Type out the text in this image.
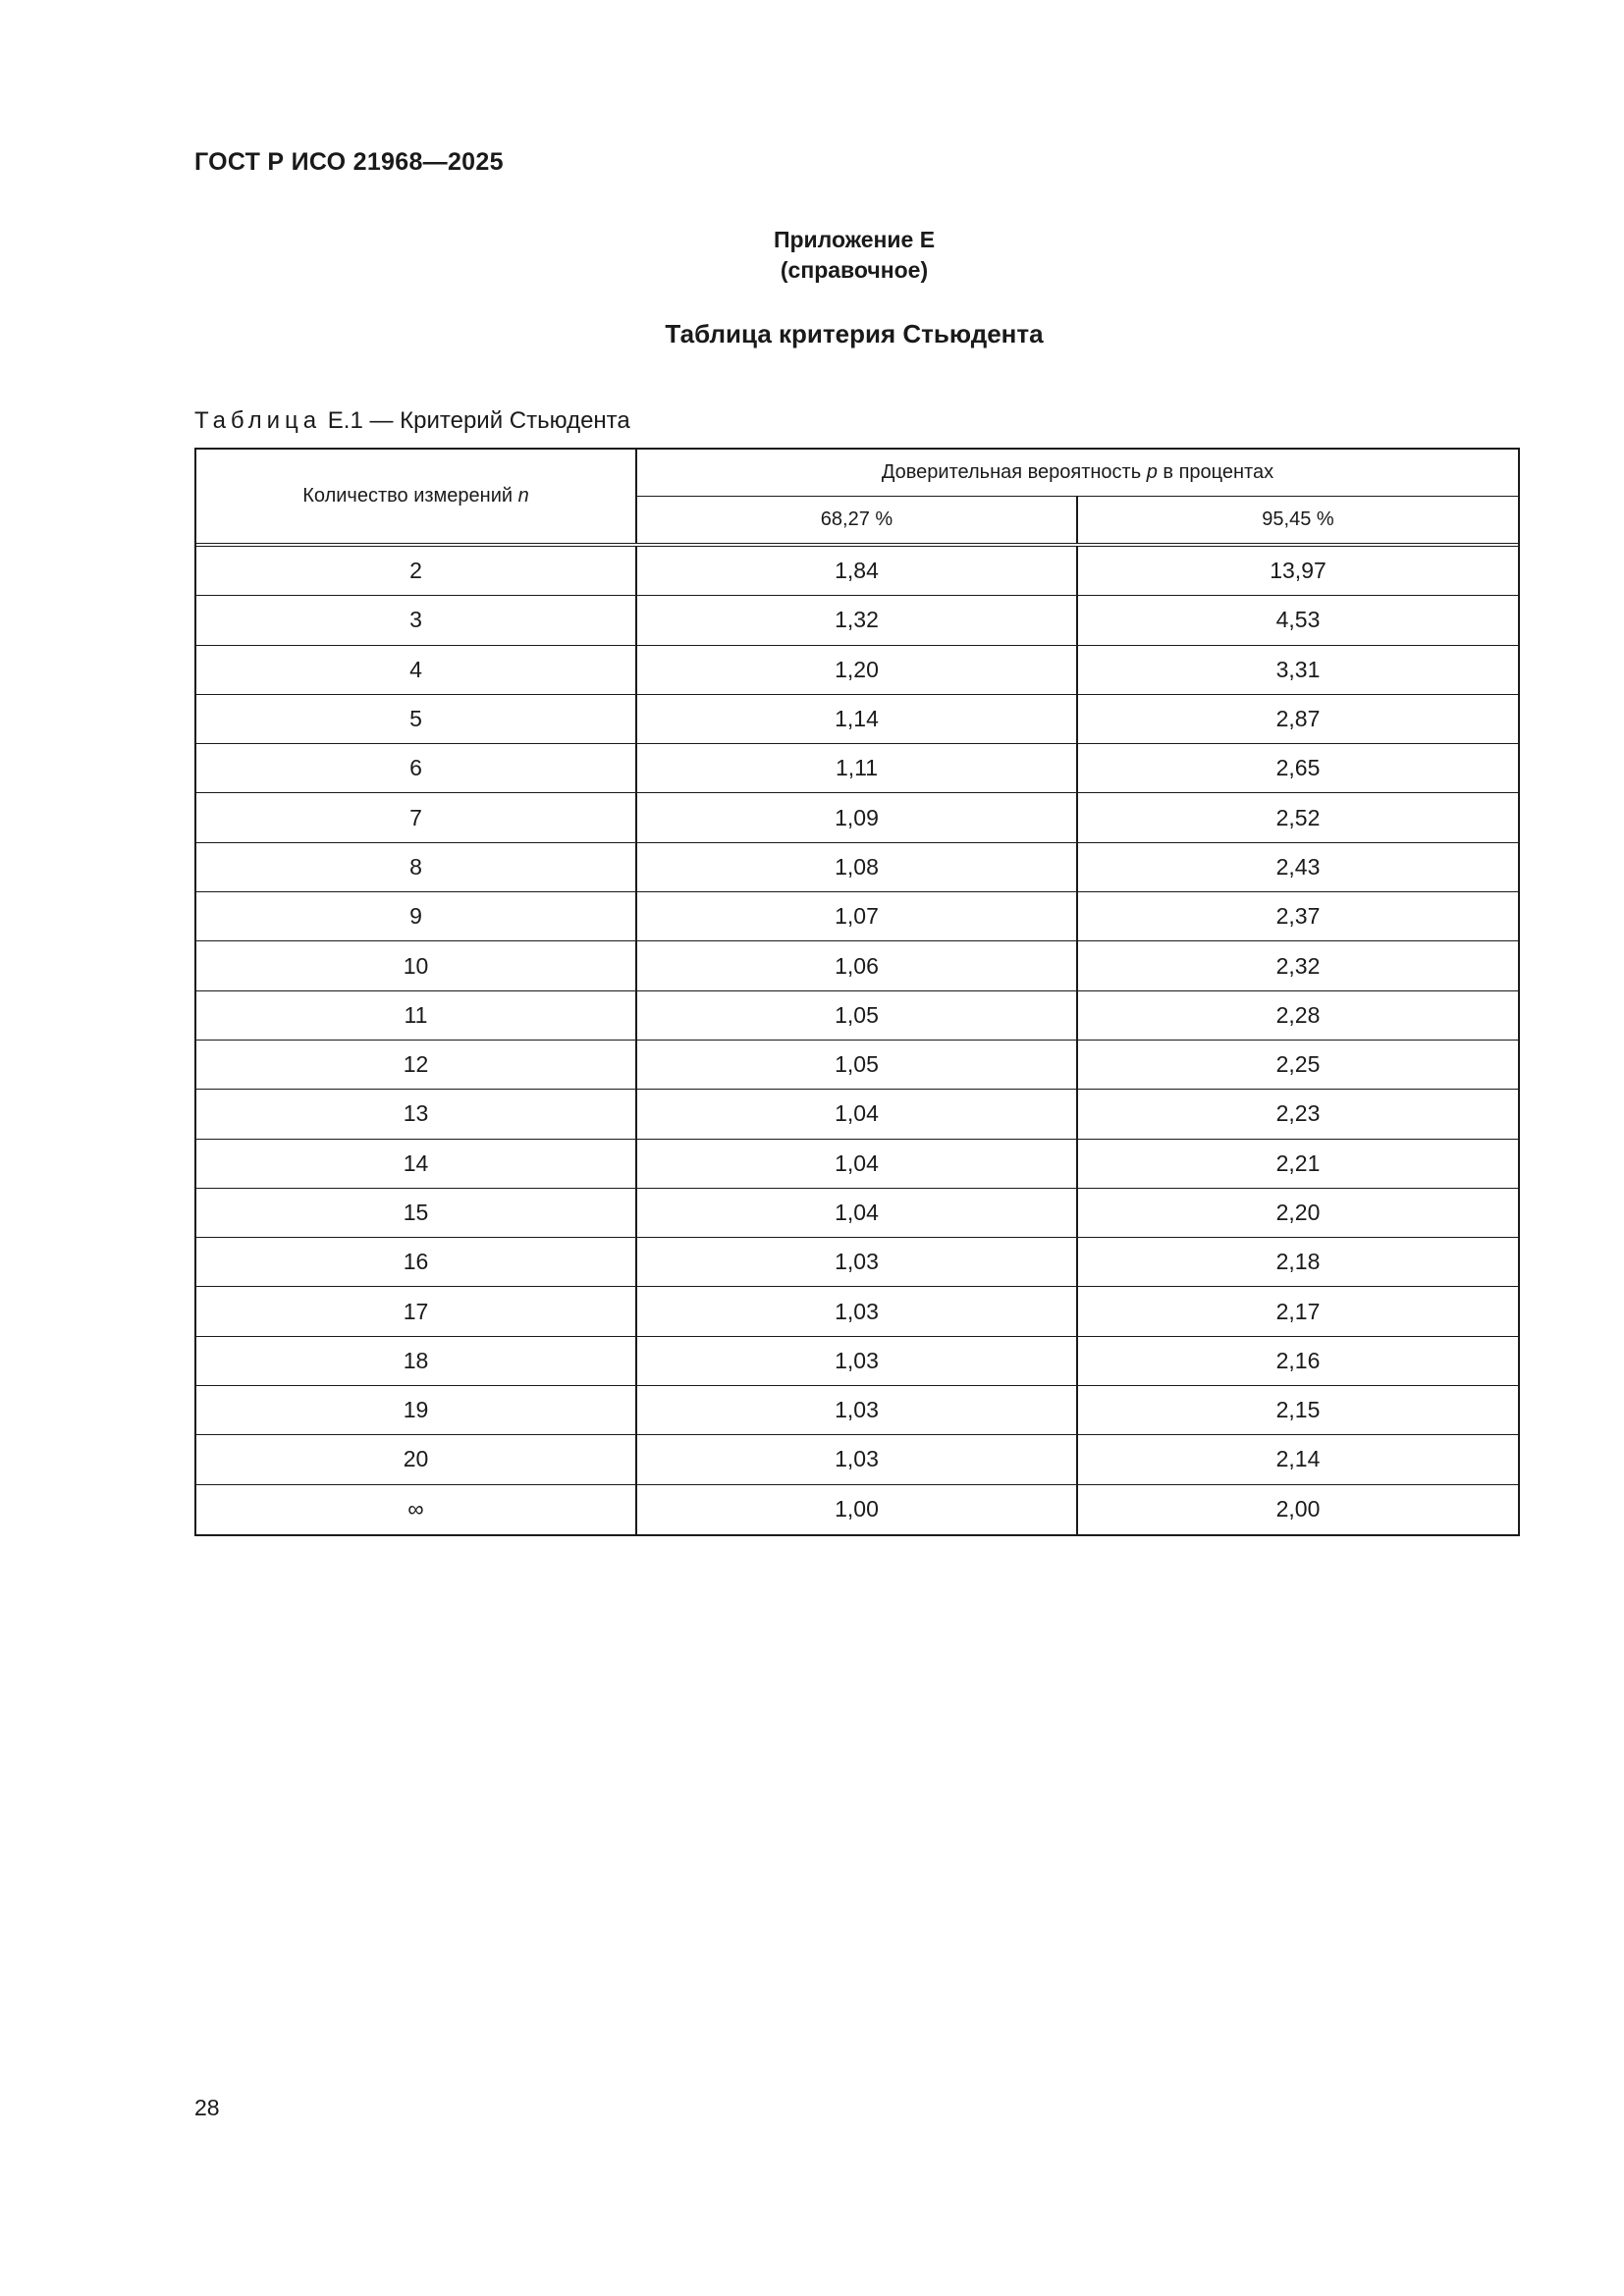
ГОСТ Р ИСО 21968—2025
Приложение Е
(справочное)
Таблица критерия Стьюдента
Таблица Е.1 — Критерий Стьюдента
Количество измерений n
Доверительная вероятность p в процентах
68,27 %	95,45 %
2	1,84	13,97
3	1,32	4,53
4	1,20	3,31
5	1,14	2,87
6	1,11	2,65
7	1,09	2,52
8	1,08	2,43
9	1,07	2,37
10	1,06	2,32
11	1,05	2,28
12	1,05	2,25
13	1,04	2,23
14	1,04	2,21
15	1,04	2,20
16	1,03	2,18
17	1,03	2,17
18	1,03	2,16
19	1,03	2,15
20	1,03	2,14
∞	1,00	2,00
28
